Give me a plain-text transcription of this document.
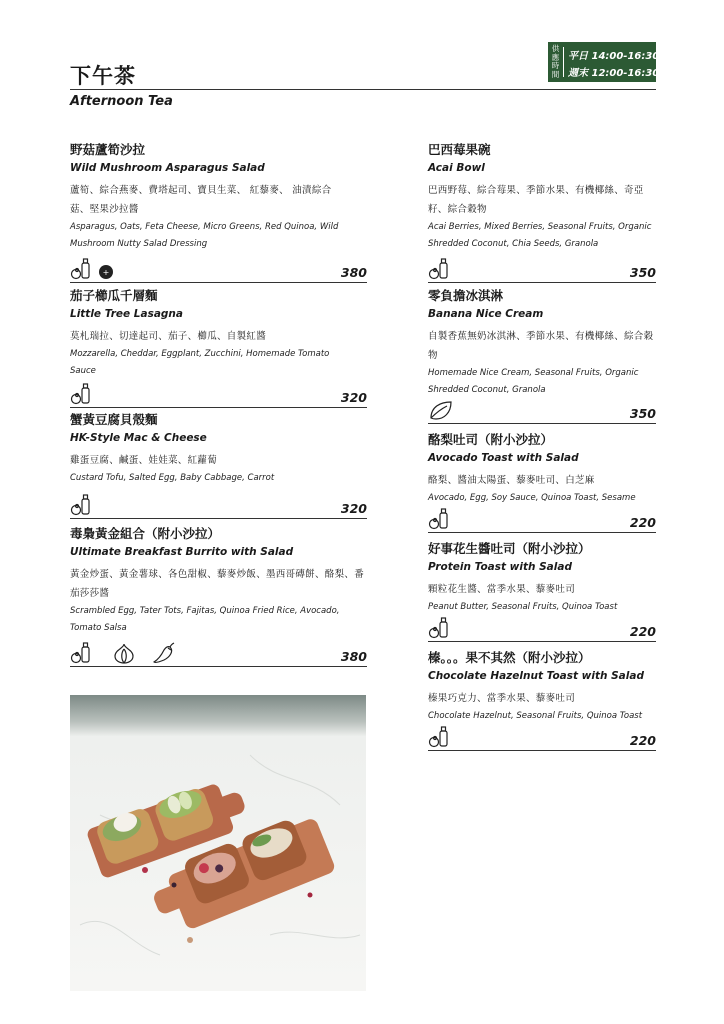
下午茶
Afternoon Tea
供應時間
平日 14:00-16:30
週末 12:00-16:30
野菇蘆筍沙拉
Wild Mushroom Asparagus Salad
蘆筍、綜合燕麥、費塔起司、寶貝生菜、 紅藜麥、 油漬綜合菇、堅果沙拉醬
Asparagus, Oats, Feta Cheese, Micro Greens, Red Quinoa, Wild Mushroom Nutty Salad Dressing
+	380
茄子櫛瓜千層麵
Little Tree Lasagna
莫札瑞拉、切達起司、茄子、櫛瓜、自製紅醬
Mozzarella, Cheddar, Eggplant, Zucchini, Homemade Tomato Sauce
320
蟹黃豆腐貝殼麵
HK-Style Mac & Cheese
雞蛋豆腐、鹹蛋、娃娃菜、紅蘿蔔
Custard Tofu, Salted Egg, Baby Cabbage, Carrot
320
毒梟黃金組合（附小沙拉）
Ultimate Breakfast Burrito with Salad
黃金炒蛋、黃金薯球、各色甜椒、藜麥炒飯、墨西哥磚餅、酪梨、番茄莎莎醬
Scrambled Egg, Tater Tots, Fajitas, Quinoa Fried Rice, Avocado, Tomato Salsa
380
巴西莓果碗
Acai Bowl
巴西野莓、綜合莓果、季節水果、有機椰絲、奇亞籽、綜合穀物
Acai Berries, Mixed Berries, Seasonal Fruits, Organic Shredded Coconut, Chia Seeds, Granola
350
零負擔冰淇淋
Banana Nice Cream
自製香蕉無奶冰淇淋、季節水果、有機椰絲、綜合穀物
Homemade Nice Cream, Seasonal Fruits, Organic Shredded Coconut, Granola
350
酪梨吐司（附小沙拉）
Avocado Toast with Salad
酪梨、醬油太陽蛋、藜麥吐司、白芝麻
Avocado, Egg, Soy Sauce, Quinoa Toast, Sesame
220
好事花生醬吐司（附小沙拉）
Protein Toast with Salad
顆粒花生醬、當季水果、藜麥吐司
Peanut Butter, Seasonal Fruits, Quinoa Toast
220
榛。。。果不其然（附小沙拉）
Chocolate Hazelnut Toast with Salad
榛果巧克力、當季水果、藜麥吐司
Chocolate Hazelnut, Seasonal Fruits, Quinoa Toast
220
